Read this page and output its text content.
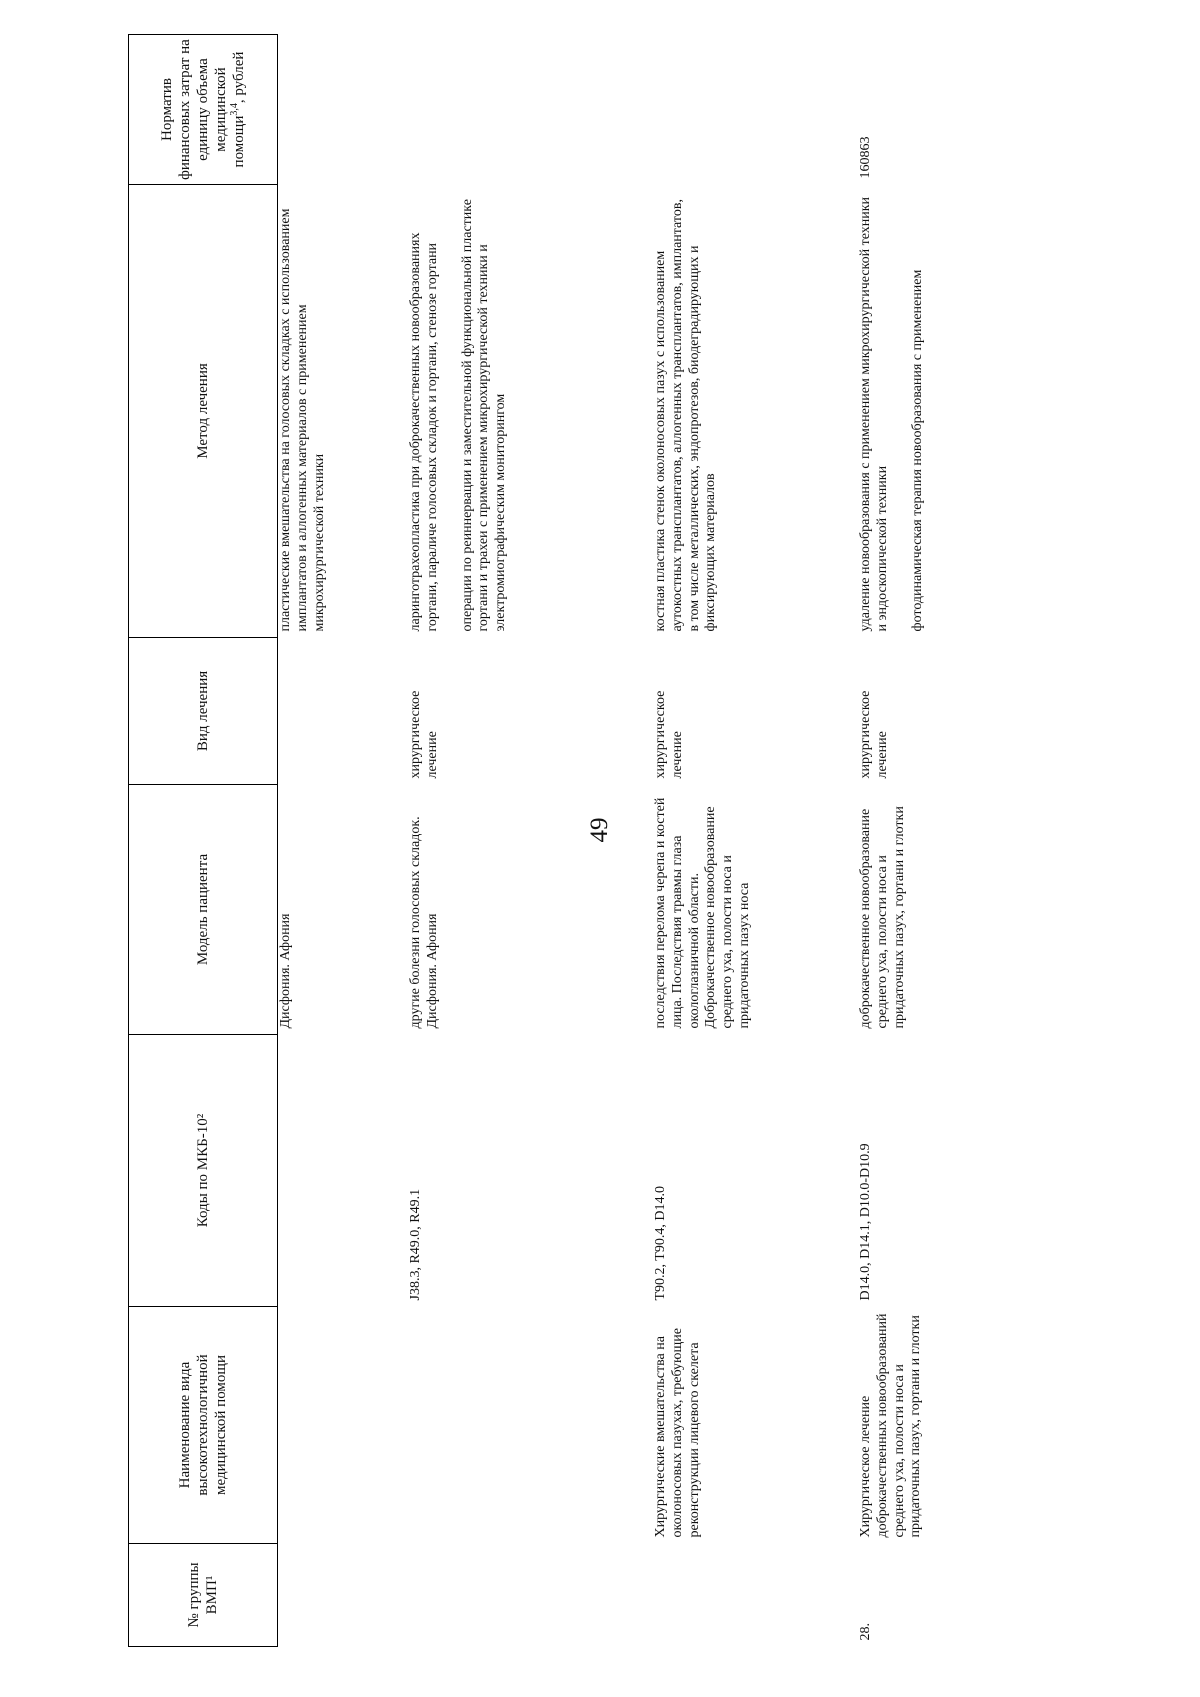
49
№ группы ВМП¹	Наименование вида высокотехнологичной медицинской помощи	Коды по МКБ-10²	Модель пациента	Вид лечения	Метод лечения	Норматив финансовых затрат на единицу объема медицинской помощи$^{3,4}$, рублей
			Дисфония. Афония		пластические вмешательства на голосовых складках с использованием имплантатов и аллогенных материалов с применением микрохирургической техники	
		J38.3, R49.0, R49.1	другие болезни голосовых складок. Дисфония. Афония	хирургическое лечение	ларинготрахеопластика при доброкачественных новообразованиях гортани, параличе голосовых складок и гортани, стенозе гортани операции по реиннервации и заместительной функциональной пластике гортани и трахеи с применением микрохирургической техники и электромиографическим мониторингом	

	Хирургические вмешательства на околоносовых пазухах, требующие реконструкции лицевого скелета	T90.2, T90.4, D14.0	последствия перелома черепа и костей лица. Последствия травмы глаза окологлазничной области. Доброкачественное новообразование среднего уха, полости носа и придаточных пазух носа	хирургическое лечение	костная пластика стенок околоносовых пазух с использованием аутокостных трансплантатов, аллогенных трансплантатов, имплантатов, в том числе металлических, эндопротезов, биодеградирующих и фиксирующих материалов	
28.	Хирургическое лечение доброкачественных новообразований среднего уха, полости носа и придаточных пазух, гортани и глотки	D14.0, D14.1, D10.0-D10.9	доброкачественное новообразование среднего уха, полости носа и придаточных пазух, гортани и глотки	хирургическое лечение	удаление новообразования с применением микрохирургической техники и эндоскопической техники фотодинамическая терапия новообразования с применением	160863
